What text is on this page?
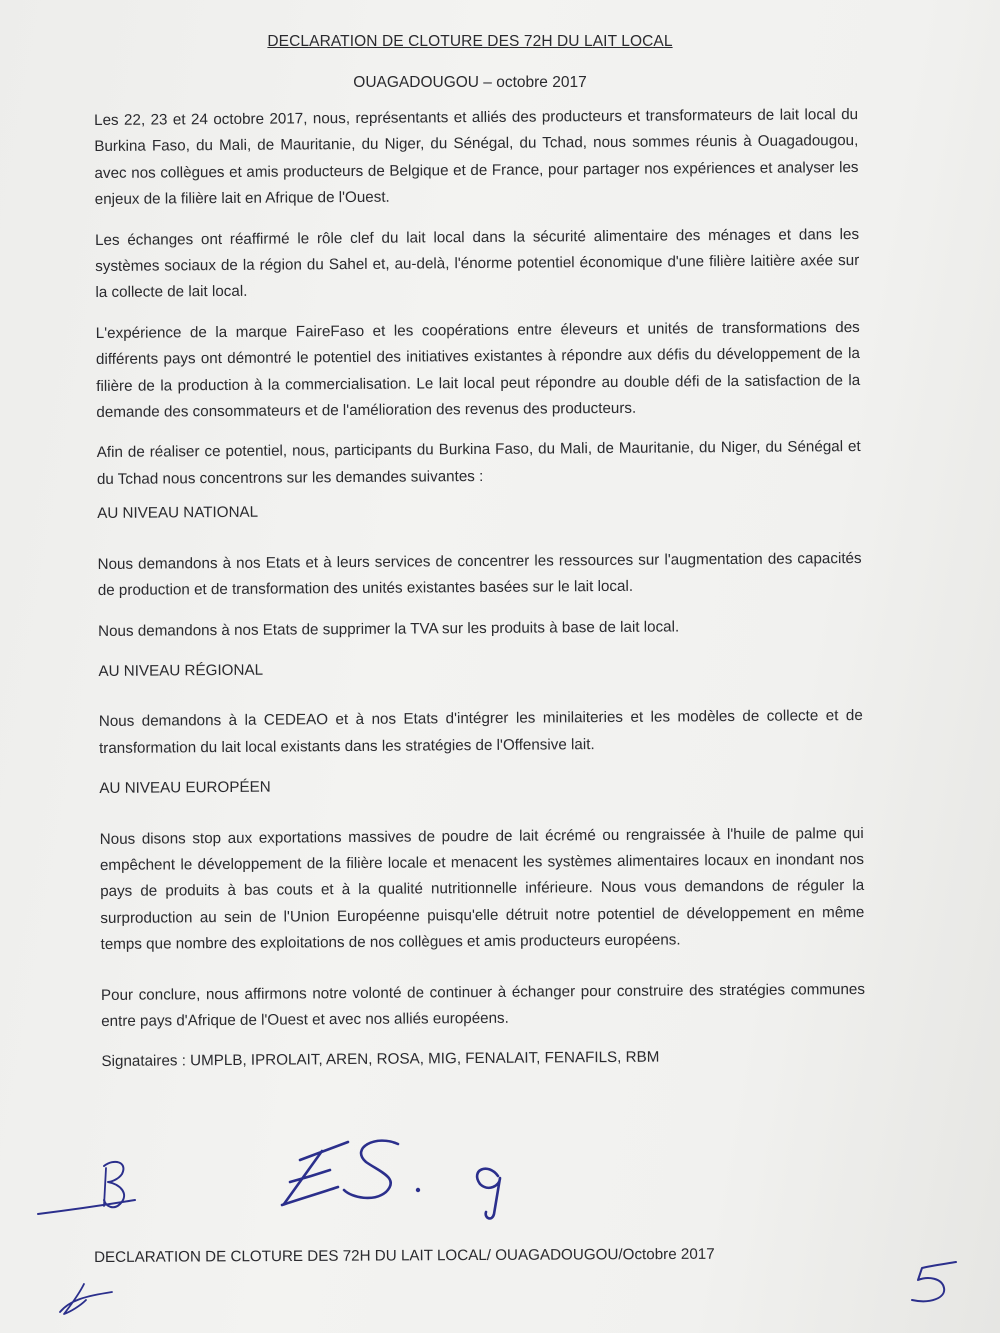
DECLARATION DE CLOTURE DES 72H DU LAIT LOCAL
OUAGADOUGOU – octobre 2017

Les 22, 23 et 24 octobre 2017, nous, représentants et alliés des producteurs et transformateurs de lait local du Burkina Faso, du Mali, de Mauritanie, du Niger, du Sénégal, du Tchad, nous sommes réunis à Ouagadougou, avec nos collègues et amis producteurs de Belgique et de France, pour partager nos expériences et analyser les enjeux de la filière lait en Afrique de l'Ouest.

Les échanges ont réaffirmé le rôle clef du lait local dans la sécurité alimentaire des ménages et dans les systèmes sociaux de la région du Sahel et, au-delà, l'énorme potentiel économique d'une filière laitière axée sur la collecte de lait local.

L'expérience de la marque FaireFaso et les coopérations entre éleveurs et unités de transformations des différents pays ont démontré le potentiel des initiatives existantes à répondre aux défis du développement de la filière de la production à la commercialisation. Le lait local peut répondre au double défi de la satisfaction de la demande des consommateurs et de l'amélioration des revenus des producteurs.

Afin de réaliser ce potentiel, nous, participants du Burkina Faso, du Mali, de Mauritanie, du Niger, du Sénégal et du Tchad nous concentrons sur les demandes suivantes :

AU NIVEAU NATIONAL

Nous demandons à nos Etats et à leurs services de concentrer les ressources sur l'augmentation des capacités de production et de transformation des unités existantes basées sur le lait local.

Nous demandons à nos Etats de supprimer la TVA sur les produits à base de lait local.

AU NIVEAU RÉGIONAL

Nous demandons à la CEDEAO et à nos Etats d'intégrer les minilaiteries et les modèles de collecte et de transformation du lait local existants dans les stratégies de l'Offensive lait.

AU NIVEAU EUROPÉEN

Nous disons stop aux exportations massives de poudre de lait écrémé ou rengraissée à l'huile de palme qui empêchent le développement de la filière locale et menacent les systèmes alimentaires locaux en inondant nos pays de produits à bas couts et à la qualité nutritionnelle inférieure. Nous vous demandons de réguler la surproduction au sein de l'Union Européenne puisqu'elle détruit notre potentiel de développement en même temps que nombre des exploitations de nos collègues et amis producteurs européens.

Pour conclure, nous affirmons notre volonté de continuer à échanger pour construire des stratégies communes entre pays d'Afrique de l'Ouest et avec nos alliés européens.

Signataires : UMPLB, IPROLAIT, AREN, ROSA, MIG, FENALAIT, FENAFILS, RBM
DECLARATION DE CLOTURE DES 72H DU LAIT LOCAL/ OUAGADOUGOU/Octobre 2017
